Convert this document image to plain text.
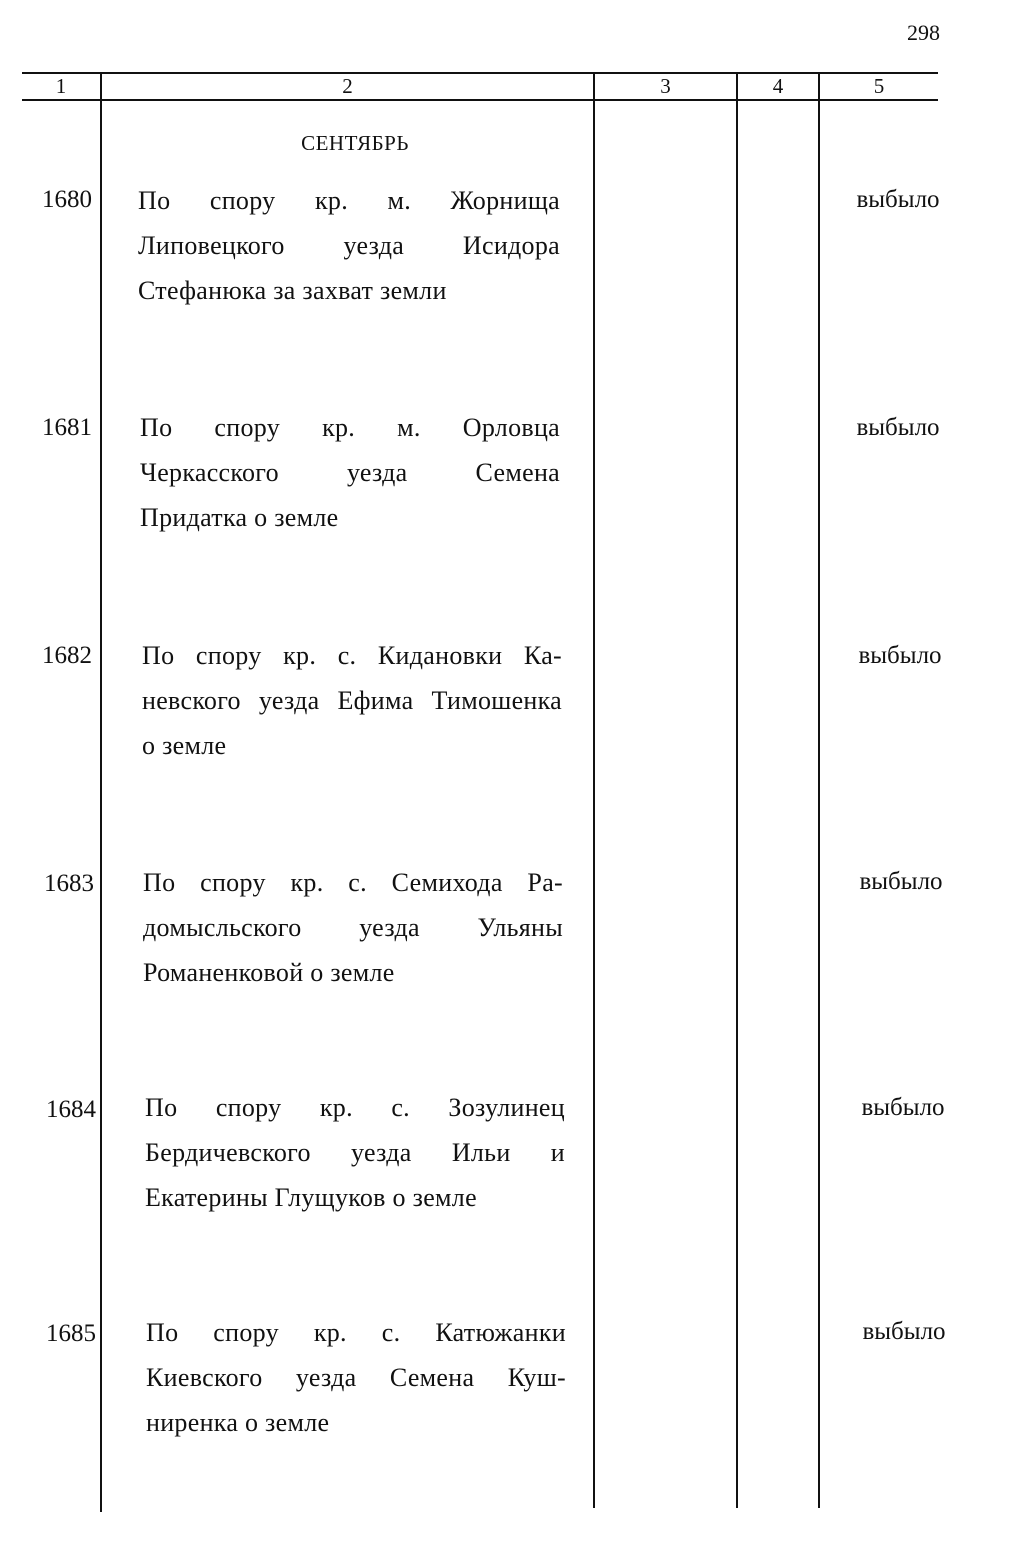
298
1	2	3	4	5
СЕНТЯБРЬ
1680 По спору кр. м. Жорнища
Липовецкого уезда Исидора
Стефанюка за захват земли
выбыло
1681 По спору кр. м. Орловца
Черкасского уезда Семена
Придатка о земле
выбыло
1682 По спору кр. с. Кидановки Ка-
невского уезда Ефима Тимошенка
о земле
выбыло
1683 По спору кр. с. Семихода Ра-
домысльского уезда Ульяны
Романенковой о земле
выбыло
1684 По спору кр. с. Зозулинец
Бердичевского уезда Ильи и
Екатерины Глущуков о земле
выбыло
1685 По спору кр. с. Катюжанки
Киевского уезда Семена Куш-
ниренка о земле
выбыло
